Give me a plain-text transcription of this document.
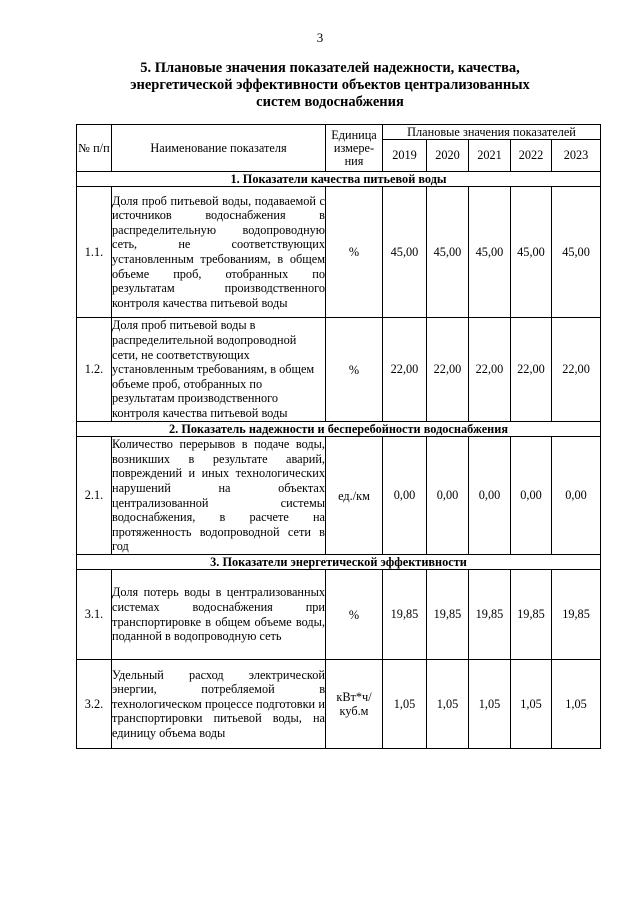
3
5. Плановые значения показателей надежности, качества,
энергетической эффективности объектов централизованных
систем водоснабжения
№ п/п	Наименование показателя	Единица измере-ния	Плановые значения показателей				
			2019	2020	2021	2022	2023
1. Показатели качества питьевой воды							
1.1.	Доля проб питьевой воды, подаваемой с источников водоснабжения в распределительную водопроводную сеть, не соответствующих установленным требованиям, в общем объеме проб, отобранных по результатам производственного контроля качества питьевой воды	%	45,00	45,00	45,00	45,00	45,00
1.2.	Доля проб питьевой воды в распределительной водопроводной сети, не соответствующих установленным требованиям, в общем объеме проб, отобранных по результатам производственного контроля качества питьевой воды	%	22,00	22,00	22,00	22,00	22,00
2. Показатель надежности и бесперебойности водоснабжения							
2.1.	Количество перерывов в подаче воды, возникших в результате аварий, повреждений и иных технологических нарушений на объектах централизованной системы водоснабжения, в расчете на протяженность водопроводной сети в год	ед./км	0,00	0,00	0,00	0,00	0,00
3. Показатели энергетической эффективности							
3.1.	Доля потерь воды в централизованных системах водоснабжения при транспортировке в общем объеме воды, поданной в водопроводную сеть	%	19,85	19,85	19,85	19,85	19,85
3.2.	Удельный расход электрической энергии, потребляемой в технологическом процессе подготовки и транспортировки питьевой воды, на единицу объема воды	кВт*ч/ куб.м	1,05	1,05	1,05	1,05	1,05
